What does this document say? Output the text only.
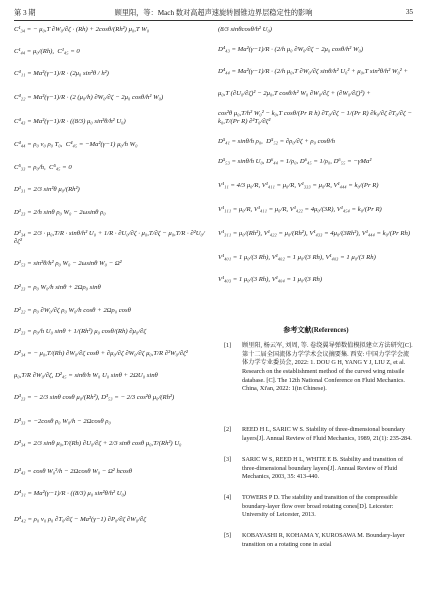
第 3 期	顾里阳，等：Mach 数对高超声速旋转圆锥边界层稳定性的影响	35
C¹₃₄ = − μ₀,T ∂W₀/∂ζ · (Rh) + 2cosθ/(Rh²) μ₀,T W₀
C¹₄₄ = μ₀/(Rh),  C¹₄₅ = 0
C⁴₁₁ = Ma²(γ−1)/R · (2μ₀ sin²θ / h²)
C⁴₂₂ = Ma²(γ−1)/R · (2 (μ₀/h) ∂W₀/∂ζ − 2μ₀ cosθ/h² W₀)
C⁴₄₃ = Ma²(γ−1)/R · ((8/3) μ₀ sin²θ/h² U₀)
C⁴₄₄ = ρ₀ v₀ ρ₀ T₀,  C⁴₄₅ = −Ma²(γ−1) μ₀/h W₀
C⁵₃₃ = ρ₀/h,  C⁵₄₅ = 0
D¹₃₁ = 2/3 sin²θ μ₀/(Rh²)
D¹₂₃ = 2/h sinθ ρ₀ W₀ − 2ωsinθ ρ₀
D¹₃₄ = 2/3 · μ₀,T/R · sinθ/h² U₀ + 1/R · ∂U₀/∂ζ · μ₀,T/∂ζ − μ₀,T/R · ∂²U₀/∂ζ²
D¹₅₃ = sin²θ/h² ρ₀ W₀ − 2ωsinθ W₀ − Ω²
D²₂₃ = ρ₀ W₀/h sinθ + 2Ωρ₀ sinθ
D²₂₂ = ρ₀ ∂W₀/∂ζ ρ₀ W₀/h cosθ + 2Ωρ₀ cosθ
D²₂₃ = ρ₀/h U₀ sinθ + 1/(Rh²) μ₀ cosθ/(Rh) ∂μ₀/∂ζ
D²₃₄ = − μ₀,T/(Rh) ∂W₀/∂ζ cosθ + ∂μ₀/∂ζ ∂W₀/∂ζ μ₀,T/R ∂²W₀/∂ζ²
μ₀,T/R ∂W₀/∂ζ, D²₄₅ = sinθ/h W₀ U₀ sinθ + 2ΩU₀ sinθ
D³₂₃ = − 2/3 sinθ cosθ μ₀/(Rh²), D³₅₃ = − 2/3 cos²θ μ₀/(Rh²)
D³₃₃ = −2cosθ ρ₀ W₀/h − 2Ωcosθ ρ₀
D³₃₄ = 2/3 sinθ μ₀,T/(Rh) ∂U₀/∂ζ + 2/3 sinθ cosθ μ₀,T/(Rh²) U₀
D³₄₃ = cosθ W₀²/h − 2Ωcosθ W₀ − Ω² hcosθ
D⁴₃₁ = Ma²(γ−1)/R · ((8/3) μ₀ sin²θ/h² U₀)
D⁴₄₂ = ρ₀ v₀ ρ₀ ∂T₀/∂ζ − Ma²(γ−1) ∂P₀/∂ζ ∂W₀/∂ζ
(8/3 sinθcosθ/h² U₀)
D⁴₄₃ = Ma²(γ−1)/R · (2/h μ₀ ∂W₀/∂ζ − 2μ₀ cosθ/h² W₀)
D⁴₄₄ = Ma²(γ−1)/R · (2/h μ₀,T ∂W₀/∂ζ sinθ/h² U₀² + μ₀,T sin²θ/h² W₀² +
μ₀,T (∂U₀/∂ζ)² − 2μ₀,T cosθ/h² W₀ ∂W₀/∂ζ + (∂W₀/∂ζ)²) +
cos²θ μ₀,T/h² W₀² − k₀,T cosθ/(Pr R h) ∂T₀/∂ζ − 1/(Pr R) ∂k₀/∂ζ ∂T₀/∂ζ − k₀,T/(Pr R) ∂²T₀/∂ζ²
D⁵₄₁ = sinθ/h ρ₀,  D⁵₅₂ = ∂ρ₀/∂ζ + ρ₀ cosθ/h
D⁵₅₃ = sinθ/h U₀, D⁶₄₄ = 1/ρ₀, D⁶₄₅ = 1/ρ₀, D⁶₅₅ = −γMa²
V¹₁₁ = 4/3 μ₀/R, V¹₄₁₁ = μ₀/R, V¹₃₃₃ = μ₀/R, V¹₄₄₄ = k₀/(Pr R)
V¹₁₁₁ = μ₀/R, V¹₄₁₁ = μ₀/R, V¹₄₂₂ = 4μ₀/(3R), V¹₄₅₄ = k₀/(Pr R)
V¹₃₁₁ = μ₀/(Rh²), V¹₄₂₂ = μ₀/(Rh²), V¹₄₃₃ = 4μ₀/(3Rh²), V¹₄₄₄ = k₀/(Pr Rh)
V¹₄₀₁ = 1 μ₀/(3 Rh), V¹₄₀₂ = 1 μ₀/(3 Rh), V¹₄₀₃ = 1 μ₀/(3 Rh)
V¹₄₀₃ = 1 μ₀/(3 Rh), V¹₄₀₄ = 1 μ₀/(3 Rh)
参考文献(References)
[1] 顾里阳, 杨云军, 刘周, 等. 卷绕翼导弹数值模拟建立方法研究[C]. 第十二届全国流体力学学术会议摘要集. 西安: 中国力学学会流体力学专业委员会, 2022: 1. DOU G H, YANG Y J, LIU Z, et al. Research on the establishment method of the curved wing missile database. [C]. The 12th National Conference on Fluid Mechanics. China, Xi'an, 2022: 1(in Chinese).
[2] REED H L, SARIC W S. Stability of three-dimensional boundary layers[J]. Annual Review of Fluid Mechanics, 1989, 21(1): 235-284.
[3] SARIC W S, REED H L, WHITE E B. Stability and transition of three-dimensional boundary layers[J]. Annual Review of Fluid Mechanics, 2003, 35: 413-440.
[4] TOWERS P D. The stability and transition of the compressible boundary-layer flow over broad rotating cones[D]. Leicester: University of Leicester, 2013.
[5] KOBAYASHI R, KOHAMA Y, KUROSAWA M. Boundary-layer transition on a rotating cone in axial
